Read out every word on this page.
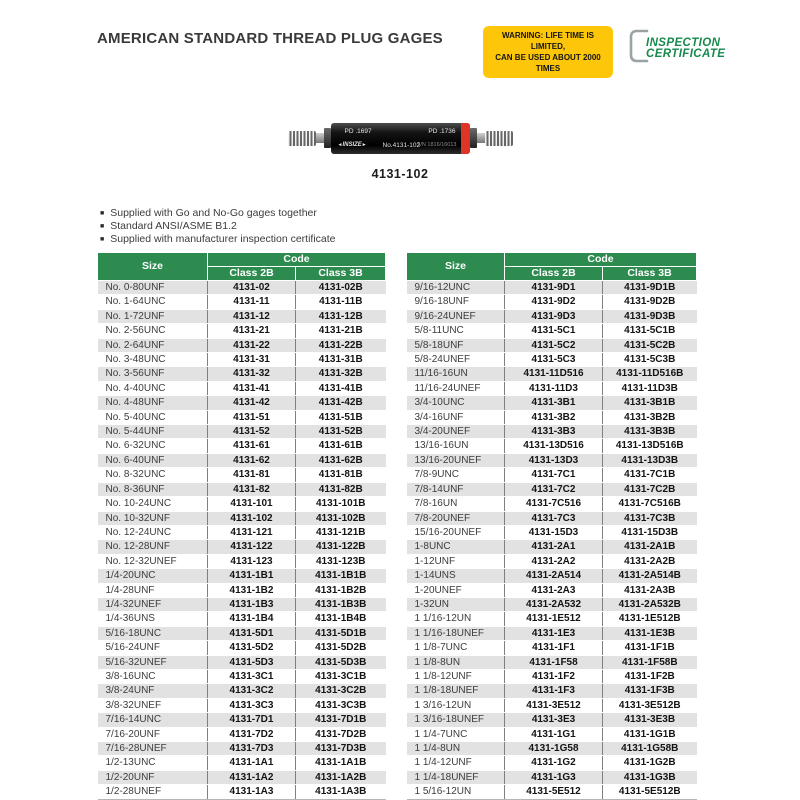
AMERICAN STANDARD THREAD PLUG GAGES	WARNING: LIFE TIME IS LIMITED,
CAN BE USED ABOUT 2000 TIMES
INSPECTION
CERTIFICATE
PD .1697	PD .1736
◄ INSIZE ►	No.4131-102
S/N 1816/16013
4131-102
■ Supplied with Go and No-Go gages together
■ Standard ANSI/ASME B1.2
■ Supplied with manufacturer inspection certificate
Size	Code	
	Class 2B	Class 3B
No. 0-80UNF	4131-02	4131-02B
No. 1-64UNC	4131-11	4131-11B
No. 1-72UNF	4131-12	4131-12B
No. 2-56UNC	4131-21	4131-21B
No. 2-64UNF	4131-22	4131-22B
No. 3-48UNC	4131-31	4131-31B
No. 3-56UNF	4131-32	4131-32B
No. 4-40UNC	4131-41	4131-41B
No. 4-48UNF	4131-42	4131-42B
No. 5-40UNC	4131-51	4131-51B
No. 5-44UNF	4131-52	4131-52B
No. 6-32UNC	4131-61	4131-61B
No. 6-40UNF	4131-62	4131-62B
No. 8-32UNC	4131-81	4131-81B
No. 8-36UNF	4131-82	4131-82B
No. 10-24UNC	4131-101	4131-101B
No. 10-32UNF	4131-102	4131-102B
No. 12-24UNC	4131-121	4131-121B
No. 12-28UNF	4131-122	4131-122B
No. 12-32UNEF	4131-123	4131-123B
1/4-20UNC	4131-1B1	4131-1B1B
1/4-28UNF	4131-1B2	4131-1B2B
1/4-32UNEF	4131-1B3	4131-1B3B
1/4-36UNS	4131-1B4	4131-1B4B
5/16-18UNC	4131-5D1	4131-5D1B
5/16-24UNF	4131-5D2	4131-5D2B
5/16-32UNEF	4131-5D3	4131-5D3B
3/8-16UNC	4131-3C1	4131-3C1B
3/8-24UNF	4131-3C2	4131-3C2B
3/8-32UNEF	4131-3C3	4131-3C3B
7/16-14UNC	4131-7D1	4131-7D1B
7/16-20UNF	4131-7D2	4131-7D2B
7/16-28UNEF	4131-7D3	4131-7D3B
1/2-13UNC	4131-1A1	4131-1A1B
1/2-20UNF	4131-1A2	4131-1A2B
1/2-28UNEF	4131-1A3	4131-1A3B
Size	Code	
	Class 2B	Class 3B
9/16-12UNC	4131-9D1	4131-9D1B
9/16-18UNF	4131-9D2	4131-9D2B
9/16-24UNEF	4131-9D3	4131-9D3B
5/8-11UNC	4131-5C1	4131-5C1B
5/8-18UNF	4131-5C2	4131-5C2B
5/8-24UNEF	4131-5C3	4131-5C3B
11/16-16UN	4131-11D516	4131-11D516B
11/16-24UNEF	4131-11D3	4131-11D3B
3/4-10UNC	4131-3B1	4131-3B1B
3/4-16UNF	4131-3B2	4131-3B2B
3/4-20UNEF	4131-3B3	4131-3B3B
13/16-16UN	4131-13D516	4131-13D516B
13/16-20UNEF	4131-13D3	4131-13D3B
7/8-9UNC	4131-7C1	4131-7C1B
7/8-14UNF	4131-7C2	4131-7C2B
7/8-16UN	4131-7C516	4131-7C516B
7/8-20UNEF	4131-7C3	4131-7C3B
15/16-20UNEF	4131-15D3	4131-15D3B
1-8UNC	4131-2A1	4131-2A1B
1-12UNF	4131-2A2	4131-2A2B
1-14UNS	4131-2A514	4131-2A514B
1-20UNEF	4131-2A3	4131-2A3B
1-32UN	4131-2A532	4131-2A532B
1 1/16-12UN	4131-1E512	4131-1E512B
1 1/16-18UNEF	4131-1E3	4131-1E3B
1 1/8-7UNC	4131-1F1	4131-1F1B
1 1/8-8UN	4131-1F58	4131-1F58B
1 1/8-12UNF	4131-1F2	4131-1F2B
1 1/8-18UNEF	4131-1F3	4131-1F3B
1 3/16-12UN	4131-3E512	4131-3E512B
1 3/16-18UNEF	4131-3E3	4131-3E3B
1 1/4-7UNC	4131-1G1	4131-1G1B
1 1/4-8UN	4131-1G58	4131-1G58B
1 1/4-12UNF	4131-1G2	4131-1G2B
1 1/4-18UNEF	4131-1G3	4131-1G3B
1 5/16-12UN	4131-5E512	4131-5E512B
